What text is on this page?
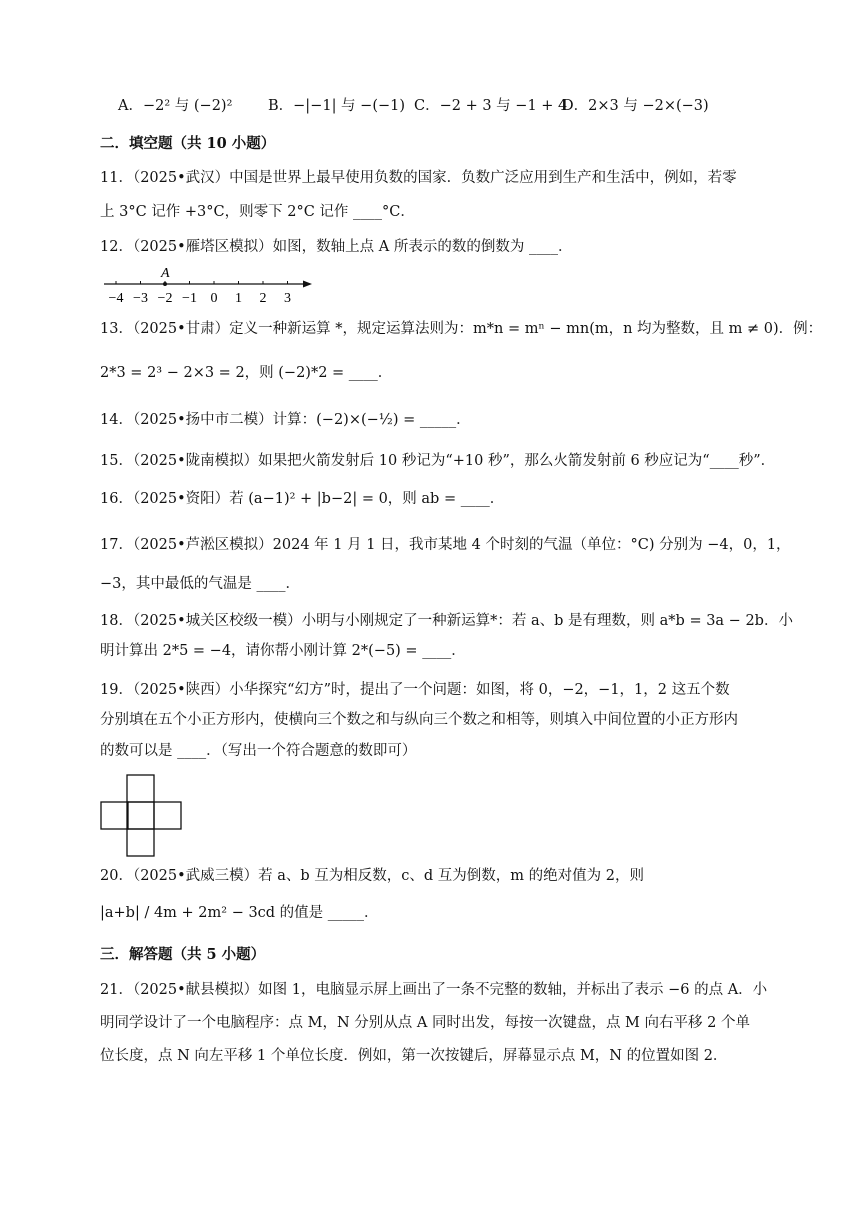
A．−2² 与 (−2)² B．−|−1| 与 −(−1) C．−2 + 3 与 −1 + 4
D．2×3 与 −2×(−3)
二．填空题（共 10 小题）
11．（2025•武汉）中国是世界上最早使用负数的国家．负数广泛应用到生产和生活中，例如，若零
上 3°C 记作 +3°C，则零下 2°C 记作 ____°C．
12．（2025•雁塔区模拟）如图，数轴上点 A 所表示的数的倒数为 ____．
−4 −3 −2 −1 0 1 2 3
A
13．（2025•甘肃）定义一种新运算 *，规定运算法则为：m*n = mⁿ − mn(m，n 均为整数，且 m ≠ 0)．例：
2*3 = 2³ − 2×3 = 2，则 (−2)*2 = ____．
14．（2025•扬中市二模）计算：(−2)×(−½) = _____．
15．（2025•陇南模拟）如果把火箭发射后 10 秒记为“+10 秒”，那么火箭发射前 6 秒应记为“____秒”．
16．（2025•资阳）若 (a−1)² + |b−2| = 0，则 ab = ____．
17．（2025•芦淞区模拟）2024 年 1 月 1 日，我市某地 4 个时刻的气温（单位：°C) 分别为 −4，0，1，
−3，其中最低的气温是 ____．
18．（2025•城关区校级一模）小明与小刚规定了一种新运算*：若 a、b 是有理数，则 a*b = 3a − 2b．小
明计算出 2*5 = −4，请你帮小刚计算 2*(−5) = ____．
19．（2025•陕西）小华探究“幻方”时，提出了一个问题：如图，将 0，−2，−1，1，2 这五个数
分别填在五个小正方形内，使横向三个数之和与纵向三个数之和相等，则填入中间位置的小正方形内
的数可以是 ____．（写出一个符合题意的数即可）
20．（2025•武威三模）若 a、b 互为相反数，c、d 互为倒数，m 的绝对值为 2，则
|a+b| / 4m + 2m² − 3cd 的值是 _____．
三．解答题（共 5 小题）
21．（2025•献县模拟）如图 1，电脑显示屏上画出了一条不完整的数轴，并标出了表示 −6 的点 A．小
明同学设计了一个电脑程序：点 M，N 分别从点 A 同时出发，每按一次键盘，点 M 向右平移 2 个单
位长度，点 N 向左平移 1 个单位长度．例如，第一次按键后，屏幕显示点 M，N 的位置如图 2．
